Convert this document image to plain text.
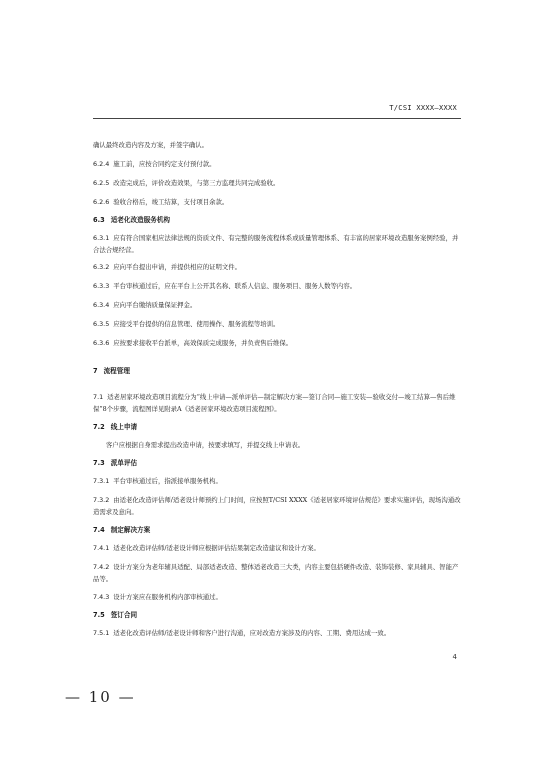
T/CSI XXXX—XXXX

确认最终改造内容及方案，并签字确认。

6.2.4 施工前，应按合同约定支付预付款。

6.2.5 改造完成后，评价改造效果，与第三方监理共同完成验收。

6.2.6 验收合格后，竣工结算，支付项目余款。

6.3 适老化改造服务机构

6.3.1 应有符合国家相应法律法规的资质文件、有完整的服务流程体系或质量管理体系、有丰富的居家环境改造服务案例经验，并合法合规经营。

6.3.2 应向平台提出申请，并提供相应的证明文件。

6.3.3 平台审核通过后，应在平台上公开其名称、联系人信息、服务项目、服务人数等内容。

6.3.4 应向平台缴纳质量保证押金。

6.3.5 应接受平台提供的信息管理、使用操作、服务流程等培训。

6.3.6 应按要求接收平台派单，高效保质完成服务，并负责售后维保。

7 流程管理

7.1 适老居家环境改造项目流程分为“线上申请—派单评估—制定解决方案—签订合同—施工安装—验收交付—竣工结算—售后维保”8个步骤，流程图详见附录A《适老居家环境改造项目流程图》。

7.2 线上申请

客户应根据自身需求提出改造申请，按要求填写，并提交线上申请表。

7.3 派单评估

7.3.1 平台审核通过后，指派接单服务机构。

7.3.2 由适老化改造评估师/适老设计师预约上门时间，应按照T/CSI XXXX《适老居家环境评估规范》要求实施评估，现场沟通改造需求及意向。

7.4 制定解决方案

7.4.1 适老化改造评估师/适老设计师应根据评估结果制定改造建议和设计方案。

7.4.2 设计方案分为老年辅具适配、局部适老改造、整体适老改造三大类，内容主要包括硬件改造、装饰装修、家具辅具、智能产品等。

7.4.3 设计方案应在服务机构内部审核通过。

7.5 签订合同

7.5.1 适老化改造评估师/适老设计师和客户进行沟通，应对改造方案涉及的内容、工期、费用达成一致。

4
— 10 —
